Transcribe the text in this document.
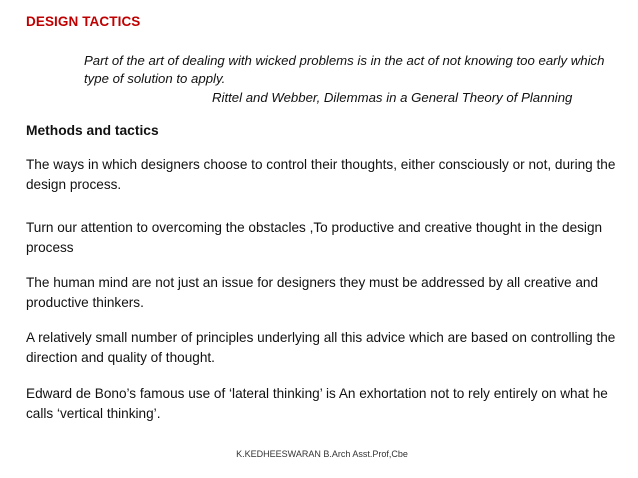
DESIGN TACTICS
Part of the art of dealing with wicked problems is in the act of not knowing too early which type of solution to apply.
Rittel and Webber, Dilemmas in a General Theory of Planning
Methods and tactics
The ways in which designers choose to control their thoughts, either consciously or not, during the design process.
Turn our attention to overcoming the obstacles ,To productive and creative thought in the design process
The human mind are not just an issue for designers they must be addressed by all creative and productive thinkers.
A relatively small number of principles underlying all this advice which are based on controlling the direction and quality of thought.
Edward de Bono’s famous use of ‘lateral thinking’ is An exhortation not to rely entirely on what he calls ‘vertical thinking’.
K.KEDHEESWARAN B.Arch Asst.Prof,Cbe
